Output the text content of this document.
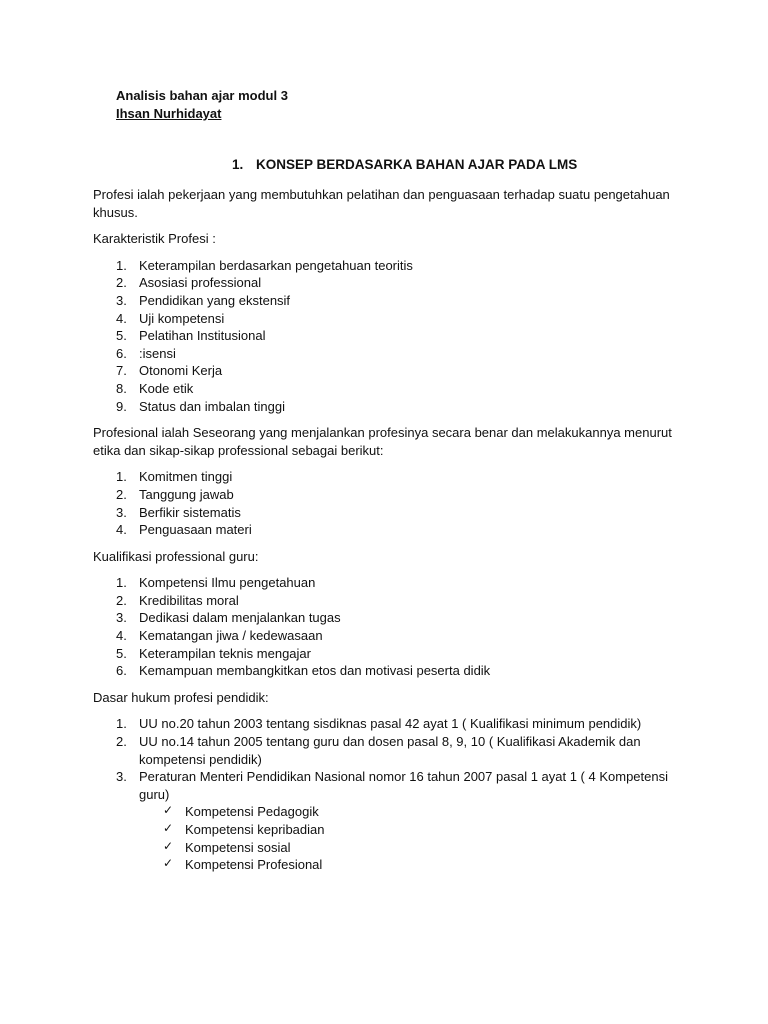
Analisis bahan ajar modul 3
Ihsan Nurhidayat
1. KONSEP BERDASARKA BAHAN AJAR PADA LMS

Profesi ialah pekerjaan yang membutuhkan pelatihan dan penguasaan terhadap suatu pengetahuan khusus.

Karakteristik Profesi :

1. Keterampilan berdasarkan pengetahuan teoritis
2. Asosiasi professional
3. Pendidikan yang ekstensif
4. Uji kompetensi
5. Pelatihan Institusional
6. :isensi
7. Otonomi Kerja
8. Kode etik
9. Status dan imbalan tinggi

Profesional ialah Seseorang yang menjalankan profesinya secara benar dan melakukannya menurut etika dan sikap-sikap professional sebagai berikut:

1. Komitmen tinggi
2. Tanggung jawab
3. Berfikir sistematis
4. Penguasaan materi

Kualifikasi professional guru:

1. Kompetensi Ilmu pengetahuan
2. Kredibilitas moral
3. Dedikasi dalam menjalankan tugas
4. Kematangan jiwa / kedewasaan
5. Keterampilan teknis mengajar
6. Kemampuan membangkitkan etos dan motivasi peserta didik

Dasar hukum profesi pendidik:

1. UU no.20 tahun 2003 tentang sisdiknas pasal 42 ayat 1 ( Kualifikasi minimum pendidik)
2. UU no.14 tahun 2005 tentang guru dan dosen pasal 8, 9, 10 ( Kualifikasi Akademik dan kompetensi pendidik)
3. Peraturan Menteri Pendidikan Nasional nomor 16 tahun 2007 pasal 1 ayat 1 ( 4 Kompetensi guru)
✓ Kompetensi Pedagogik
✓ Kompetensi kepribadian
✓ Kompetensi sosial
✓ Kompetensi Profesional
